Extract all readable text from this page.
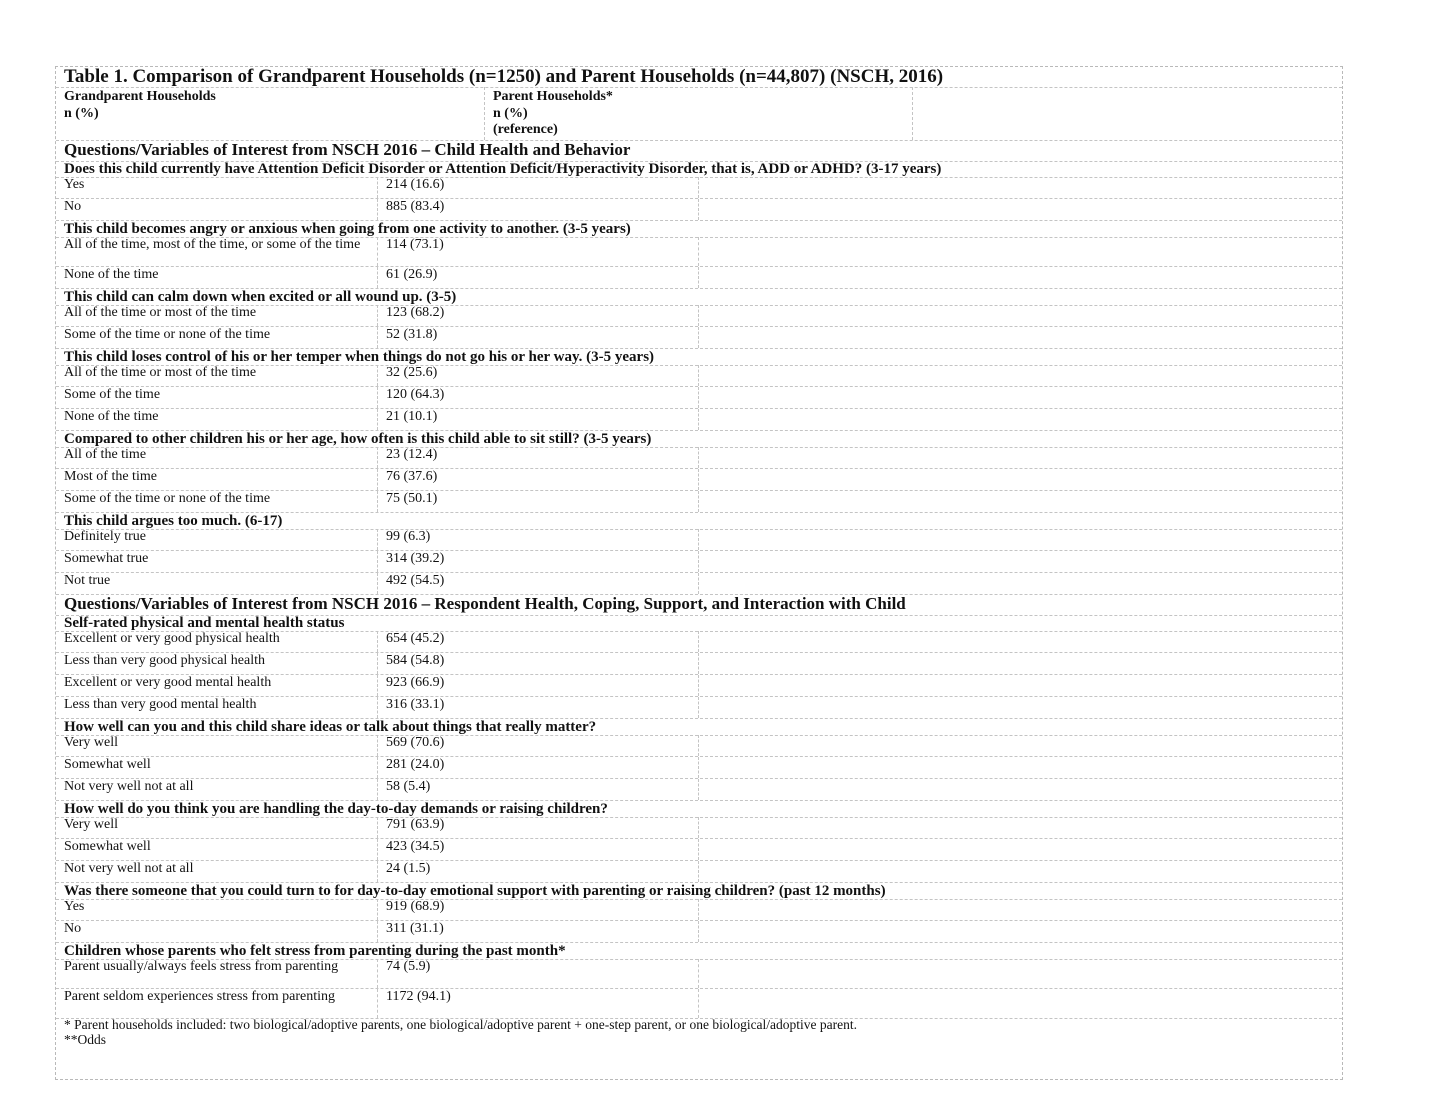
Table 1. Comparison of Grandparent Households (n=1250) and Parent Households (n=44,807) (NSCH, 2016)
Grandparent Households
n (%)
Parent Households*
n (%)
(reference)
Questions/Variables of Interest from NSCH 2016 – Child Health and Behavior
Does this child currently have Attention Deficit Disorder or Attention Deficit/Hyperactivity Disorder, that is, ADD or ADHD? (3-17 years)
Yes	214 (16.6)
No	885 (83.4)
This child becomes angry or anxious when going from one activity to another. (3-5 years)
All of the time, most of the time, or some of the time 114 (73.1)
None of the time	61 (26.9)
This child can calm down when excited or all wound up. (3-5)
All of the time or most of the time	123 (68.2)
Some of the time or none of the time	52 (31.8)
This child loses control of his or her temper when things do not go his or her way. (3-5 years)
All of the time or most of the time	32 (25.6)
Some of the time	120 (64.3)
None of the time	21 (10.1)
Compared to other children his or her age, how often is this child able to sit still? (3-5 years)
All of the time	23 (12.4)
Most of the time	76 (37.6)
Some of the time or none of the time	75 (50.1)
This child argues too much. (6-17)
Definitely true	99 (6.3)
Somewhat true	314 (39.2)
Not true	492 (54.5)
Questions/Variables of Interest from NSCH 2016 – Respondent Health, Coping, Support, and Interaction with Child
Self-rated physical and mental health status
Excellent or very good physical health	654 (45.2)
Less than very good physical health	584 (54.8)
Excellent or very good mental health	923 (66.9)
Less than very good mental health	316 (33.1)
How well can you and this child share ideas or talk about things that really matter?
Very well	569 (70.6)
Somewhat well	281 (24.0)
Not very well not at all	58 (5.4)
How well do you think you are handling the day-to-day demands or raising children?
Very well	791 (63.9)
Somewhat well	423 (34.5)
Not very well not at all	24 (1.5)
Was there someone that you could turn to for day-to-day emotional support with parenting or raising children? (past 12 months)
Yes	919 (68.9)
No	311 (31.1)
Children whose parents who felt stress from parenting during the past month*
Parent usually/always feels stress from parenting	74 (5.9)
Parent seldom experiences stress from parenting	1172 (94.1)
* Parent households included: two biological/adoptive parents, one biological/adoptive parent + one-step parent, or one biological/adoptive parent.
**Odds
